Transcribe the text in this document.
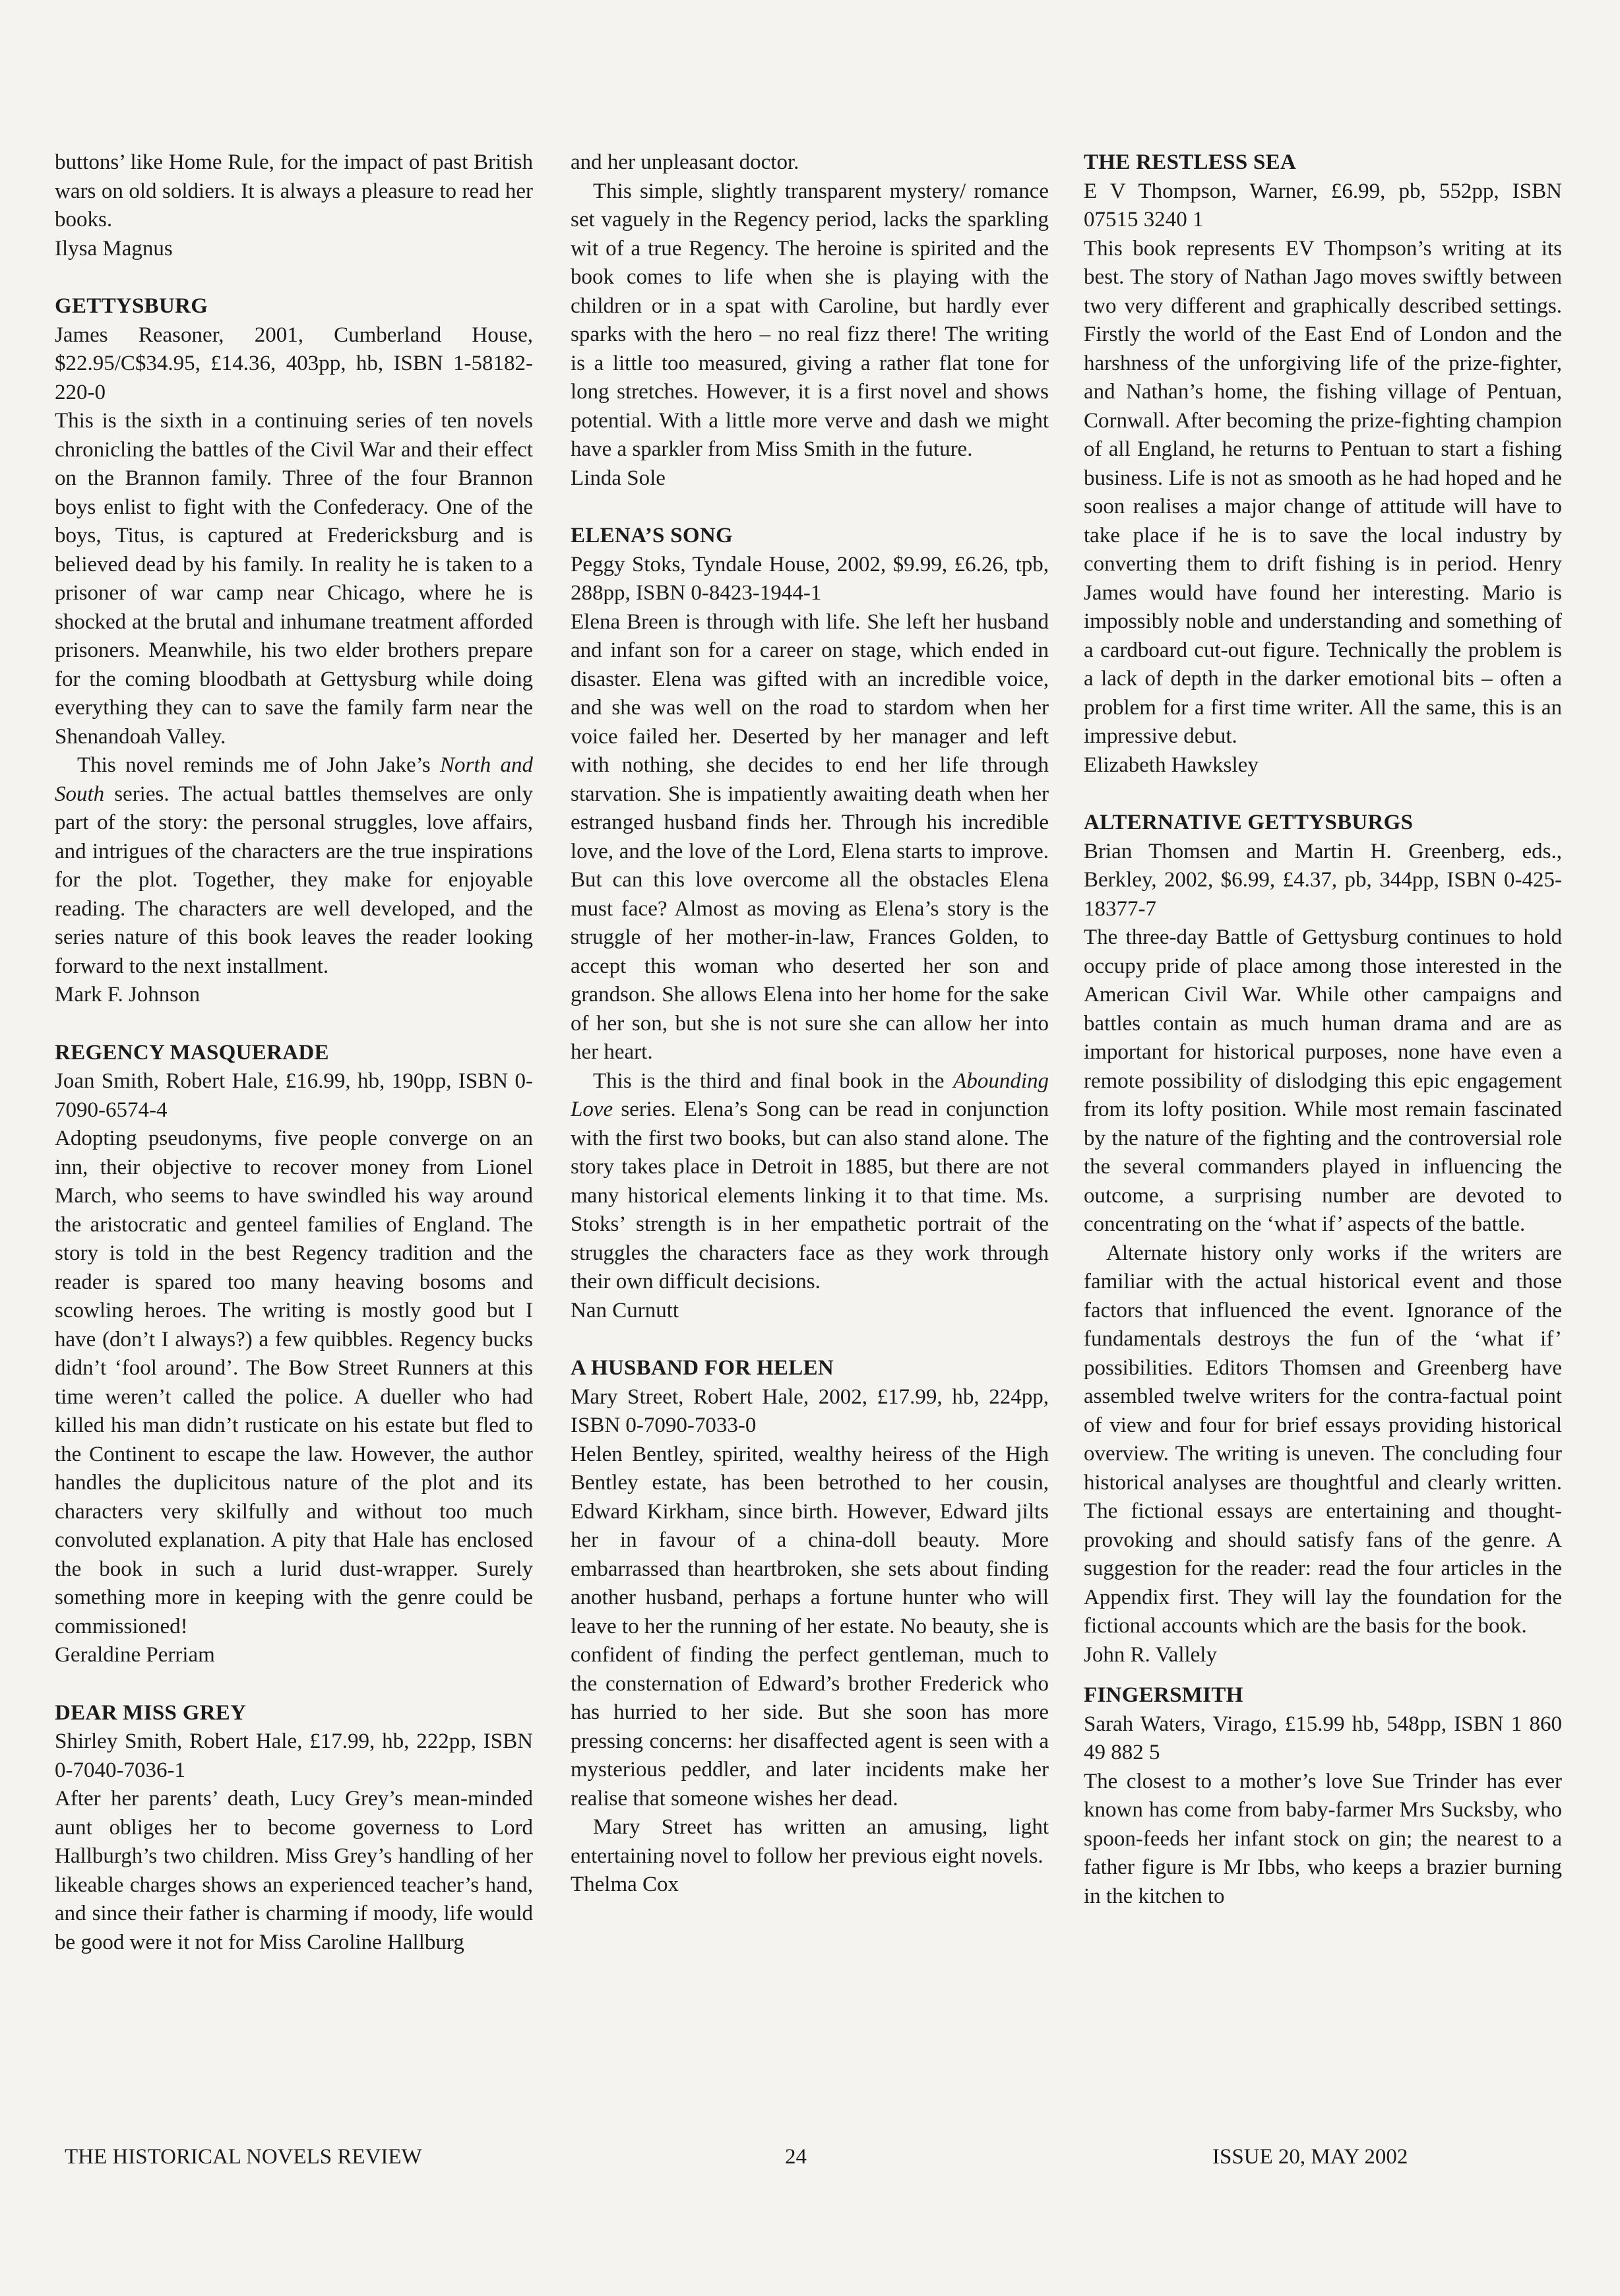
buttons’ like Home Rule, for the impact of past British wars on old soldiers. It is always a pleasure to read her books.

Ilysa Magnus

GETTYSBURG

James Reasoner, 2001, Cumberland House, $22.95/C$34.95, £14.36, 403pp, hb, ISBN 1-58182-220-0

This is the sixth in a continuing series of ten novels chronicling the battles of the Civil War and their effect on the Brannon family. Three of the four Brannon boys enlist to fight with the Confederacy. One of the boys, Titus, is captured at Fredericksburg and is believed dead by his family. In reality he is taken to a prisoner of war camp near Chicago, where he is shocked at the brutal and inhumane treatment afforded prisoners. Meanwhile, his two elder brothers prepare for the coming bloodbath at Gettysburg while doing everything they can to save the family farm near the Shenandoah Valley.

This novel reminds me of John Jake’s North and South series. The actual battles themselves are only part of the story: the personal struggles, love affairs, and intrigues of the characters are the true inspirations for the plot. Together, they make for enjoyable reading. The characters are well developed, and the series nature of this book leaves the reader looking forward to the next installment.

Mark F. Johnson

REGENCY MASQUERADE

Joan Smith, Robert Hale, £16.99, hb, 190pp, ISBN 0-7090-6574-4

Adopting pseudonyms, five people converge on an inn, their objective to recover money from Lionel March, who seems to have swindled his way around the aristocratic and genteel families of England. The story is told in the best Regency tradition and the reader is spared too many heaving bosoms and scowling heroes. The writing is mostly good but I have (don’t I always?) a few quibbles. Regency bucks didn’t ‘fool around’. The Bow Street Runners at this time weren’t called the police. A dueller who had killed his man didn’t rusticate on his estate but fled to the Continent to escape the law. However, the author handles the duplicitous nature of the plot and its characters very skilfully and without too much convoluted explanation. A pity that Hale has enclosed the book in such a lurid dust-wrapper. Surely something more in keeping with the genre could be commissioned!

Geraldine Perriam

DEAR MISS GREY

Shirley Smith, Robert Hale, £17.99, hb, 222pp, ISBN 0-7040-7036-1

After her parents’ death, Lucy Grey’s mean-minded aunt obliges her to become governess to Lord Hallburgh’s two children. Miss Grey’s handling of her likeable charges shows an experienced teacher’s hand, and since their father is charming if moody, life would be good were it not for Miss Caroline Hallburg

and her unpleasant doctor.

This simple, slightly transparent mystery/ romance set vaguely in the Regency period, lacks the sparkling wit of a true Regency. The heroine is spirited and the book comes to life when she is playing with the children or in a spat with Caroline, but hardly ever sparks with the hero – no real fizz there! The writing is a little too measured, giving a rather flat tone for long stretches. However, it is a first novel and shows potential. With a little more verve and dash we might have a sparkler from Miss Smith in the future.

Linda Sole

ELENA’S SONG

Peggy Stoks, Tyndale House, 2002, $9.99, £6.26, tpb, 288pp, ISBN 0-8423-1944-1

Elena Breen is through with life. She left her husband and infant son for a career on stage, which ended in disaster. Elena was gifted with an incredible voice, and she was well on the road to stardom when her voice failed her. Deserted by her manager and left with nothing, she decides to end her life through starvation. She is impatiently awaiting death when her estranged husband finds her. Through his incredible love, and the love of the Lord, Elena starts to improve. But can this love overcome all the obstacles Elena must face? Almost as moving as Elena’s story is the struggle of her mother-in-law, Frances Golden, to accept this woman who deserted her son and grandson. She allows Elena into her home for the sake of her son, but she is not sure she can allow her into her heart.

This is the third and final book in the Abounding Love series. Elena’s Song can be read in conjunction with the first two books, but can also stand alone. The story takes place in Detroit in 1885, but there are not many historical elements linking it to that time. Ms. Stoks’ strength is in her empathetic portrait of the struggles the characters face as they work through their own difficult decisions.

Nan Curnutt

A HUSBAND FOR HELEN

Mary Street, Robert Hale, 2002, £17.99, hb, 224pp, ISBN 0-7090-7033-0

Helen Bentley, spirited, wealthy heiress of the High Bentley estate, has been betrothed to her cousin, Edward Kirkham, since birth. However, Edward jilts her in favour of a china-doll beauty. More embarrassed than heartbroken, she sets about finding another husband, perhaps a fortune hunter who will leave to her the running of her estate. No beauty, she is confident of finding the perfect gentleman, much to the consternation of Edward’s brother Frederick who has hurried to her side. But she soon has more pressing concerns: her disaffected agent is seen with a mysterious peddler, and later incidents make her realise that someone wishes her dead.

Mary Street has written an amusing, light entertaining novel to follow her previous eight novels.

Thelma Cox

THE RESTLESS SEA

E V Thompson, Warner, £6.99, pb, 552pp, ISBN 07515 3240 1

This book represents EV Thompson’s writing at its best. The story of Nathan Jago moves swiftly between two very different and graphically described settings. Firstly the world of the East End of London and the harshness of the unforgiving life of the prize-fighter, and Nathan’s home, the fishing village of Pentuan, Cornwall. After becoming the prize-fighting champion of all England, he returns to Pentuan to start a fishing business. Life is not as smooth as he had hoped and he soon realises a major change of attitude will have to take place if he is to save the local industry by converting them to drift fishing is in period. Henry James would have found her interesting. Mario is impossibly noble and understanding and something of a cardboard cut-out figure. Technically the problem is a lack of depth in the darker emotional bits – often a problem for a first time writer. All the same, this is an impressive debut.

Elizabeth Hawksley

ALTERNATIVE GETTYSBURGS

Brian Thomsen and Martin H. Greenberg, eds., Berkley, 2002, $6.99, £4.37, pb, 344pp, ISBN 0-425-18377-7

The three-day Battle of Gettysburg continues to hold occupy pride of place among those interested in the American Civil War. While other campaigns and battles contain as much human drama and are as important for historical purposes, none have even a remote possibility of dislodging this epic engagement from its lofty position. While most remain fascinated by the nature of the fighting and the controversial role the several commanders played in influencing the outcome, a surprising number are devoted to concentrating on the ‘what if’ aspects of the battle.

Alternate history only works if the writers are familiar with the actual historical event and those factors that influenced the event. Ignorance of the fundamentals destroys the fun of the ‘what if’ possibilities. Editors Thomsen and Greenberg have assembled twelve writers for the contra-factual point of view and four for brief essays providing historical overview. The writing is uneven. The concluding four historical analyses are thoughtful and clearly written. The fictional essays are entertaining and thought-provoking and should satisfy fans of the genre. A suggestion for the reader: read the four articles in the Appendix first. They will lay the foundation for the fictional accounts which are the basis for the book.

John R. Vallely

FINGERSMITH

Sarah Waters, Virago, £15.99 hb, 548pp, ISBN 1 860 49 882 5

The closest to a mother’s love Sue Trinder has ever known has come from baby-farmer Mrs Sucksby, who spoon-feeds her infant stock on gin; the nearest to a father figure is Mr Ibbs, who keeps a brazier burning in the kitchen to

THE HISTORICAL NOVELS REVIEW	24	ISSUE 20, MAY 2002
